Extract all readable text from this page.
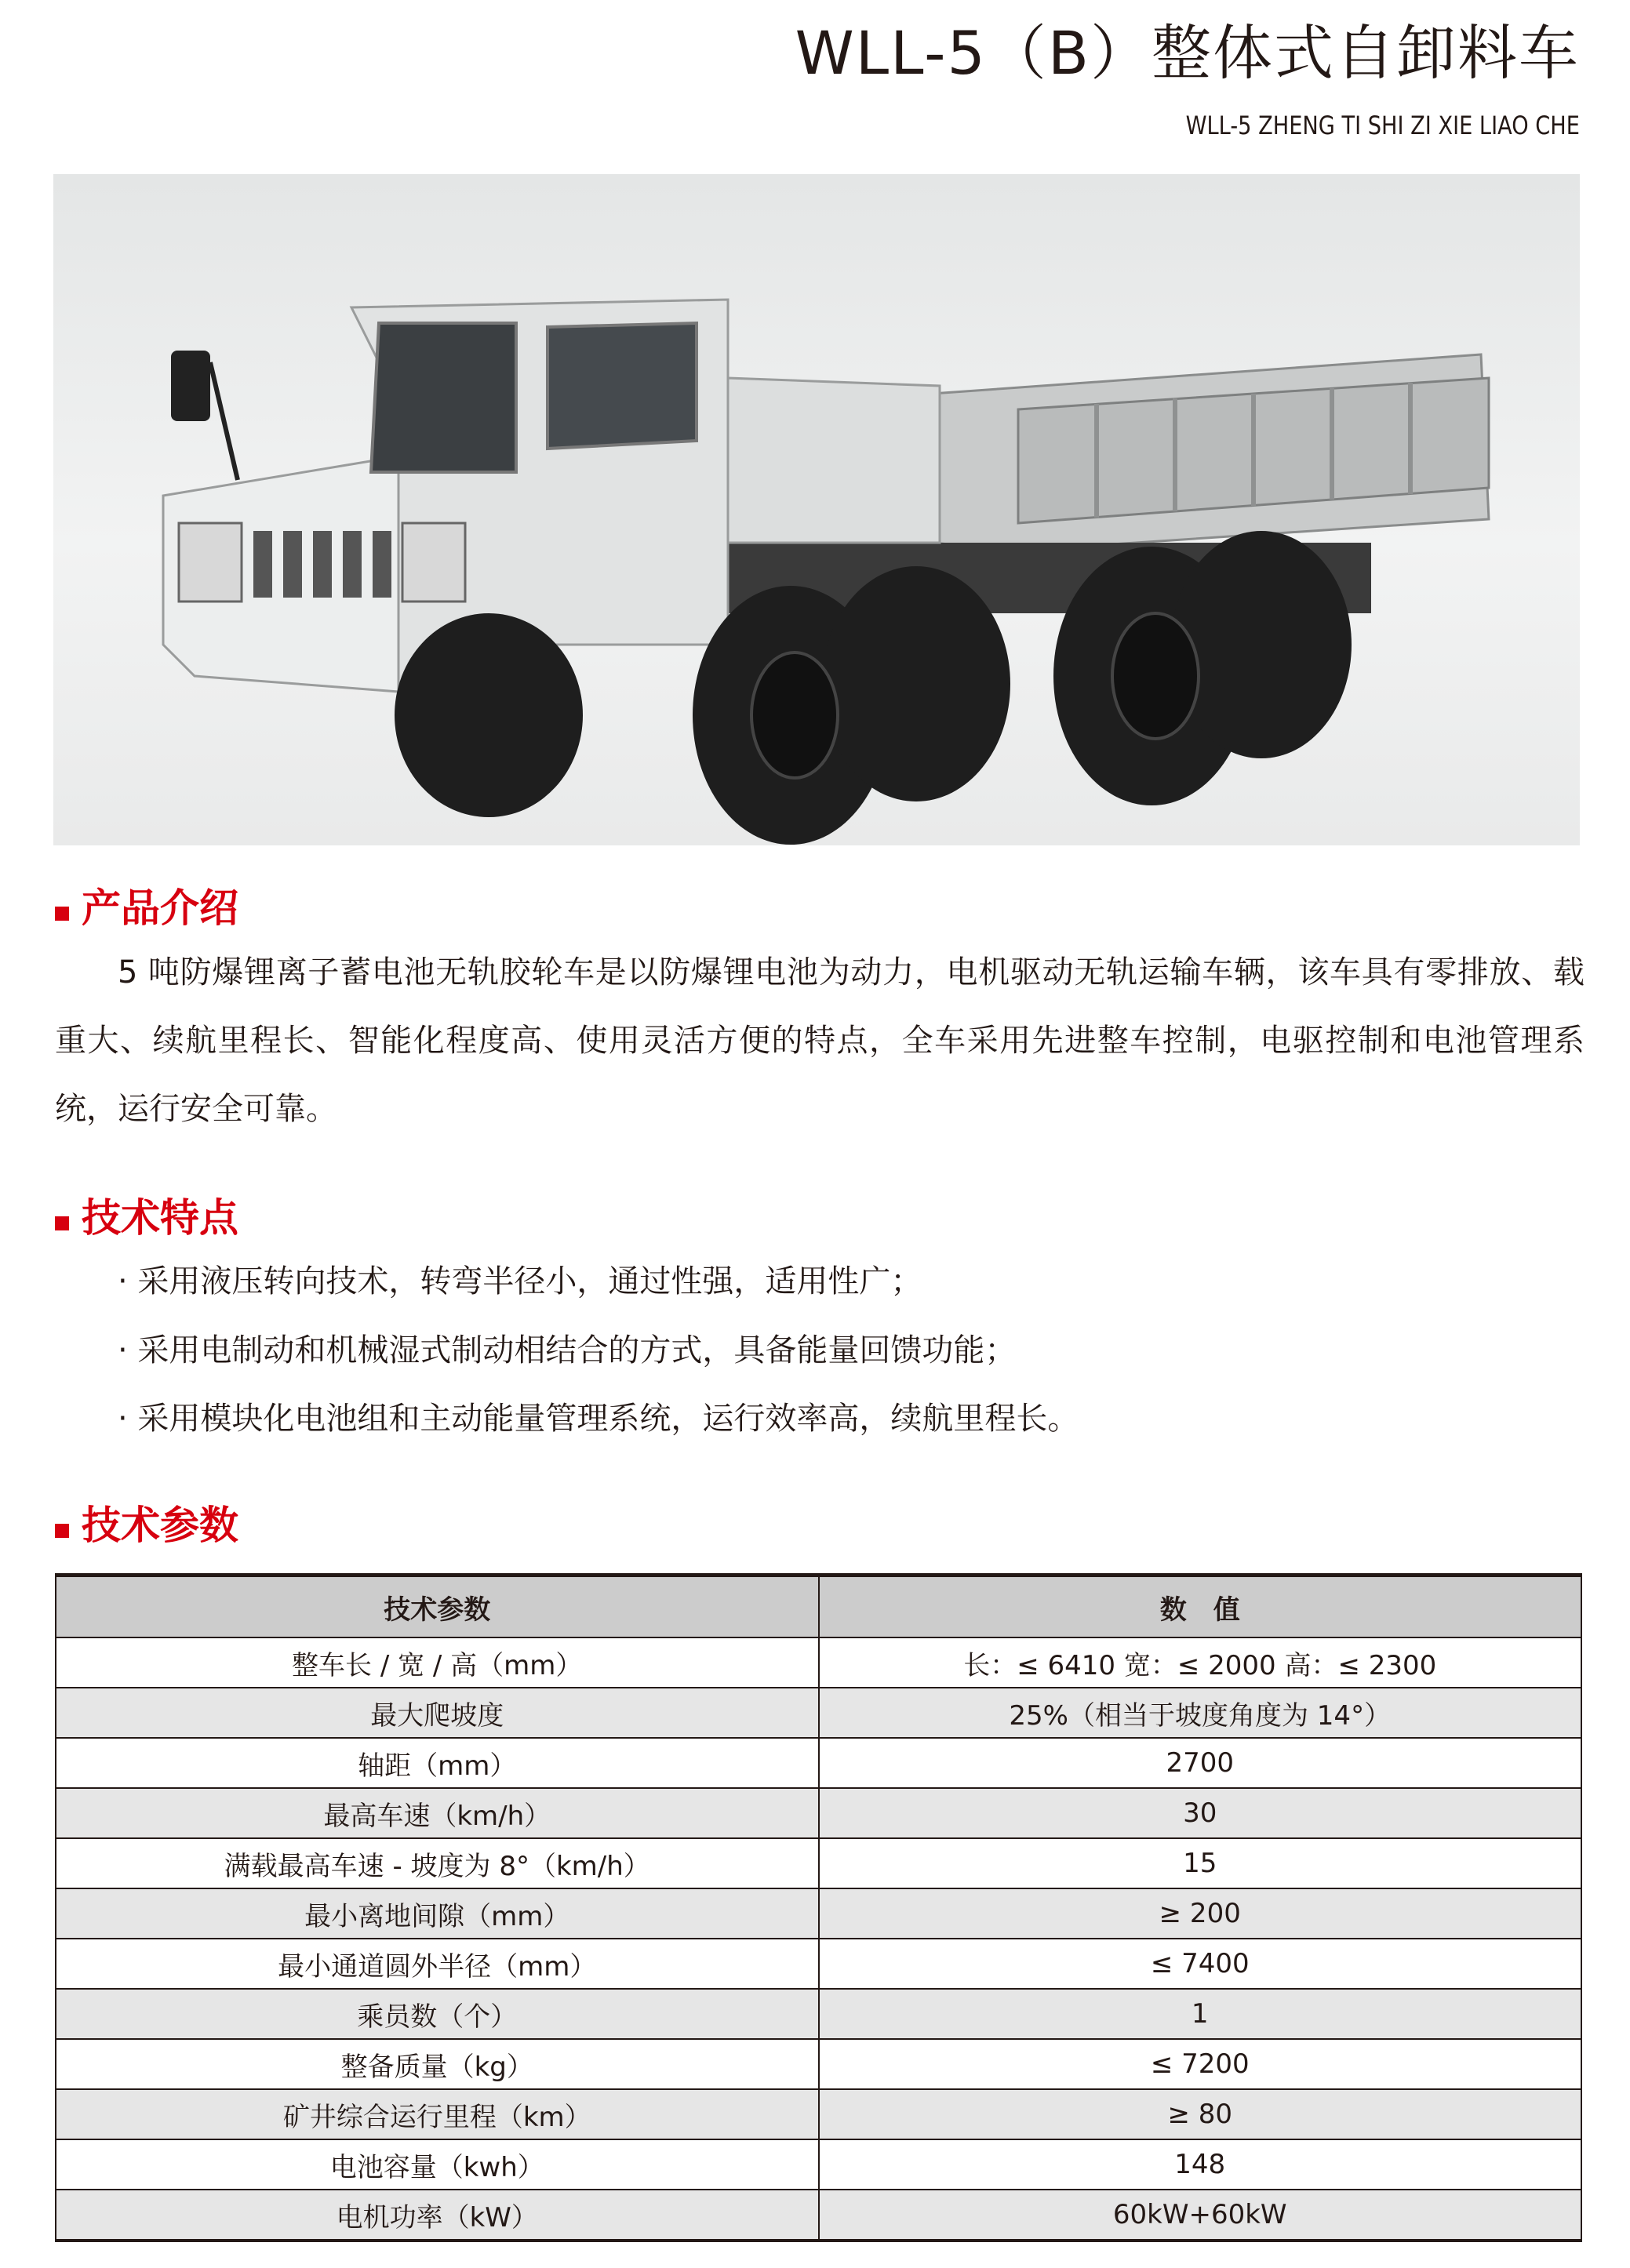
WLL-5（B）整体式自卸料车
WLL-5 ZHENG TI SHI ZI XIE LIAO CHE
产品介绍
5 吨防爆锂离子蓄电池无轨胶轮车是以防爆锂电池为动力，电机驱动无轨运输车辆，该车具有零排放、载重大、续航里程长、智能化程度高、使用灵活方便的特点，全车采用先进整车控制，电驱控制和电池管理系统，运行安全可靠。
技术特点
· 采用液压转向技术，转弯半径小，通过性强，适用性广；
· 采用电制动和机械湿式制动相结合的方式，具备能量回馈功能；
· 采用模块化电池组和主动能量管理系统，运行效率高，续航里程长。
技术参数
技术参数	数　值
整车长 / 宽 / 高（mm）	长：≤ 6410 宽：≤ 2000 高：≤ 2300
最大爬坡度	25%（相当于坡度角度为 14°）
轴距（mm）	2700
最高车速（km/h）	30
满载最高车速 - 坡度为 8°（km/h）	15
最小离地间隙（mm）	≥ 200
最小通道圆外半径（mm）	≤ 7400
乘员数（个）	1
整备质量（kg）	≤ 7200
矿井综合运行里程（km）	≥ 80
电池容量（kwh）	148
电机功率（kW）	60kW+60kW
